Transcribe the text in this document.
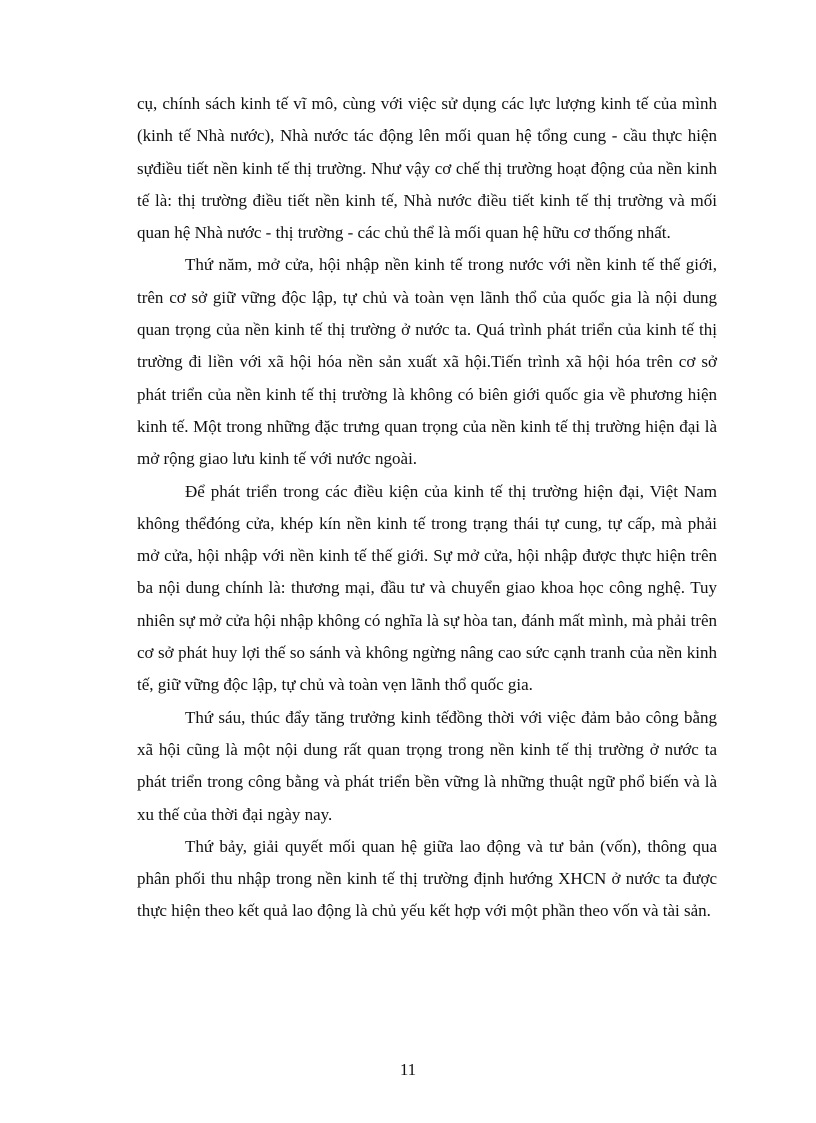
cụ, chính sách kinh tế vĩ mô, cùng với việc sử dụng các lực lượng kinh tế của mình (kinh tế Nhà nước), Nhà nước tác động lên mối quan hệ tổng cung - cầu thực hiện sựđiều tiết nền kinh tế thị trường. Như vậy cơ chế thị trường hoạt động của nền kinh tế là: thị trường điều tiết nền kinh tế, Nhà nước điều tiết kinh tế thị trường và mối quan hệ Nhà nước - thị trường - các chủ thể là mối quan hệ hữu cơ thống nhất.

Thứ năm, mở cửa, hội nhập nền kinh tế trong nước với nền kinh tế thế giới, trên cơ sở giữ vững độc lập, tự chủ và toàn vẹn lãnh thổ của quốc gia là nội dung quan trọng của nền kinh tế thị trường ở nước ta. Quá trình phát triển của kinh tế thị trường đi liền với xã hội hóa nền sản xuất xã hội.Tiến trình xã hội hóa trên cơ sở phát triển của nền kinh tế thị trường là không có biên giới quốc gia về phương hiện kinh tế. Một trong những đặc trưng quan trọng của nền kinh tế thị trường hiện đại là mở rộng giao lưu kinh tế với nước ngoài.

Để phát triển trong các điều kiện của kinh tế thị trường hiện đại, Việt Nam không thểđóng cửa, khép kín nền kinh tế trong trạng thái tự cung, tự cấp, mà phải mở cửa, hội nhập với nền kinh tế thế giới. Sự mở cửa, hội nhập được thực hiện trên ba nội dung chính là: thương mại, đầu tư và chuyển giao khoa học công nghệ. Tuy nhiên sự mở cửa hội nhập không có nghĩa là sự hòa tan, đánh mất mình, mà phải trên cơ sở phát huy lợi thế so sánh và không ngừng nâng cao sức cạnh tranh của nền kinh tế, giữ vững độc lập, tự chủ và toàn vẹn lãnh thổ quốc gia.

Thứ sáu, thúc đẩy tăng trưởng kinh tếđồng thời với việc đảm bảo công bằng xã hội cũng là một nội dung rất quan trọng trong nền kinh tế thị trường ở nước ta phát triển trong công bằng và phát triển bền vững là những thuật ngữ phổ biến và là xu thế của thời đại ngày nay.

Thứ bảy, giải quyết mối quan hệ giữa lao động và tư bản (vốn), thông qua phân phối thu nhập trong nền kinh tế thị trường định hướng XHCN ở nước ta được thực hiện theo kết quả lao động là chủ yếu kết hợp với một phần theo vốn và tài sản.

11
